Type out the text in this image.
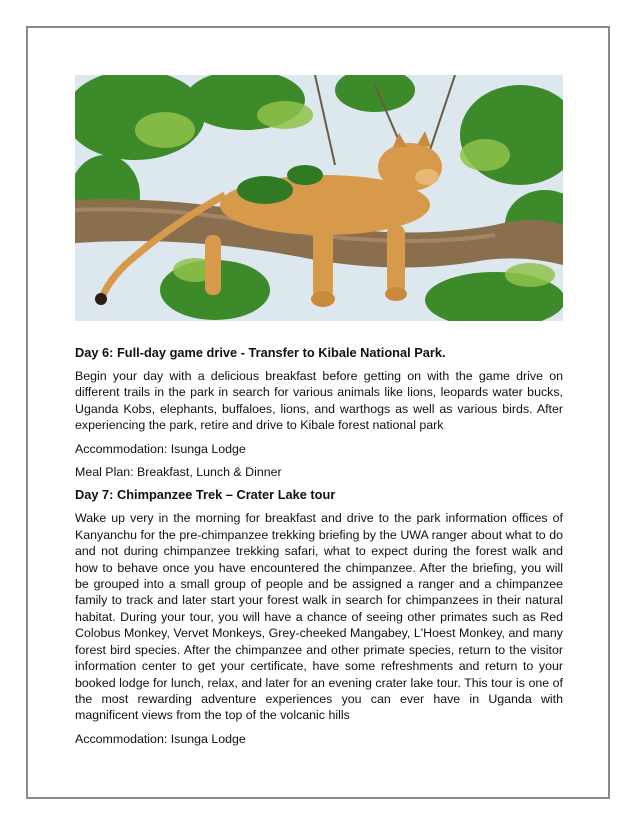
Day 6: Full-day game drive - Transfer to Kibale National Park.

Begin your day with a delicious breakfast before getting on with the game drive on different trails in the park in search for various animals like lions, leopards water bucks, Uganda Kobs, elephants, buffaloes, lions, and warthogs as well as various birds. After experiencing the park, retire and drive to Kibale forest national park

Accommodation: Isunga Lodge

Meal Plan: Breakfast, Lunch & Dinner

Day 7: Chimpanzee Trek – Crater Lake tour

Wake up very in the morning for breakfast and drive to the park information offices of Kanyanchu for the pre-chimpanzee trekking briefing by the UWA ranger about what to do and not during chimpanzee trekking safari, what to expect during the forest walk and how to behave once you have encountered the chimpanzee. After the briefing, you will be grouped into a small group of people and be assigned a ranger and a chimpanzee family to track and later start your forest walk in search for chimpanzees in their natural habitat. During your tour, you will have a chance of seeing other primates such as Red Colobus Monkey, Vervet Monkeys, Grey-cheeked Mangabey, L'Hoest Monkey, and many forest bird species. After the chimpanzee and other primate species, return to the visitor information center to get your certificate, have some refreshments and return to your booked lodge for lunch, relax, and later for an evening crater lake tour. This tour is one of the most rewarding adventure experiences you can ever have in Uganda with magnificent views from the top of the volcanic hills

Accommodation: Isunga Lodge
